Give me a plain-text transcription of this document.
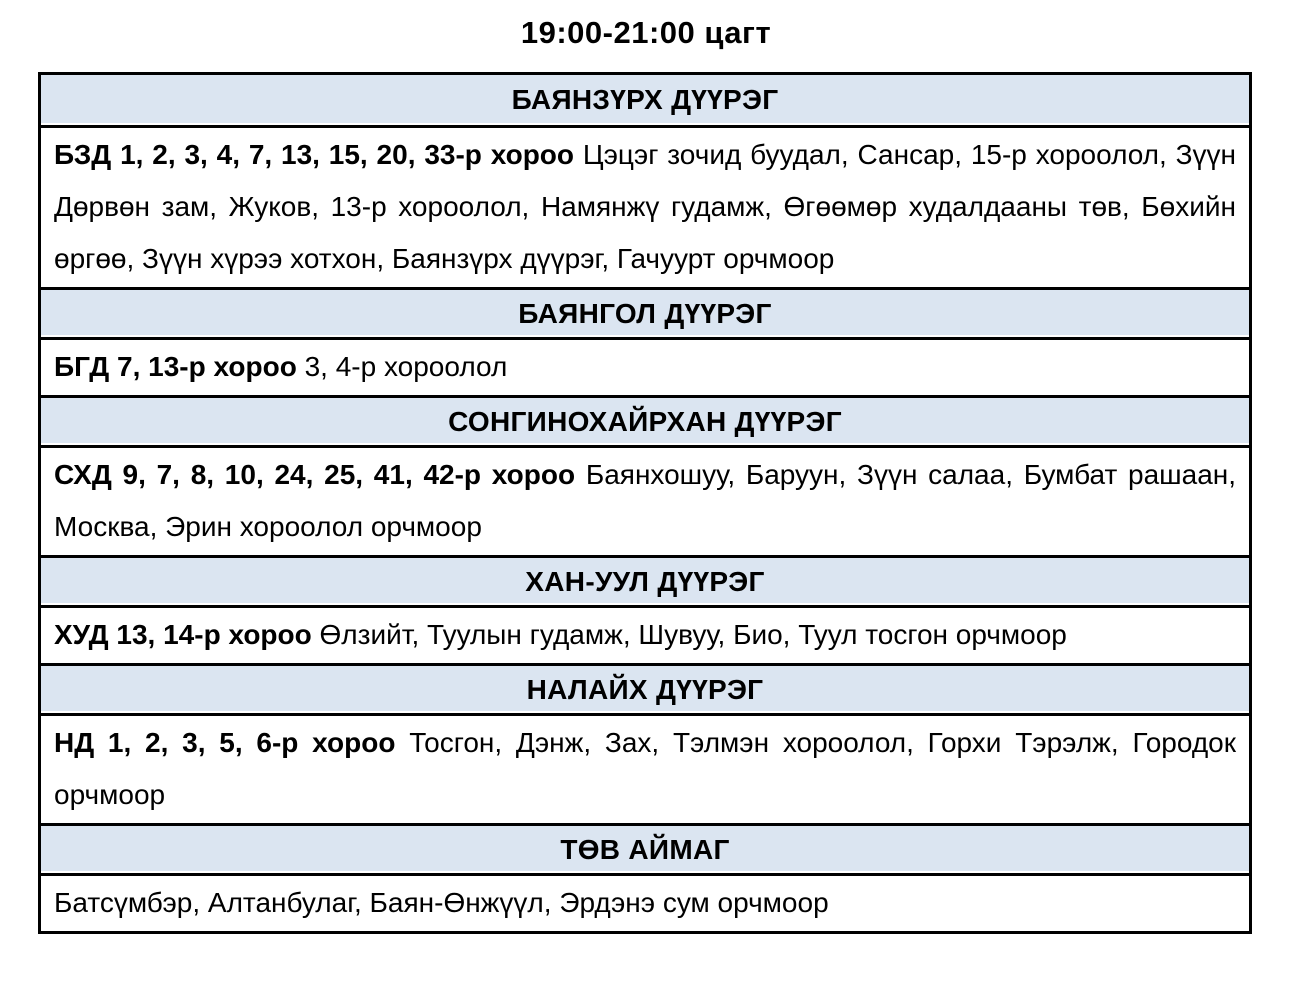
19:00-21:00 цагт
БАЯНЗҮРХ ДҮҮРЭГ
БЗД 1, 2, 3, 4, 7, 13, 15, 20, 33-р хороо Цэцэг зочид буудал, Сансар, 15-р хороолол, Зүүн Дөрвөн зам, Жуков, 13-р хороолол, Намянжү гудамж, Өгөөмөр худалдааны төв, Бөхийн өргөө, Зүүн хүрээ хотхон, Баянзүрх дүүрэг, Гачуурт орчмоор
БАЯНГОЛ ДҮҮРЭГ
БГД 7, 13-р хороо 3, 4-р хороолол
СОНГИНОХАЙРХАН ДҮҮРЭГ
СХД 9, 7, 8, 10, 24, 25, 41, 42-р хороо Баянхошуу, Баруун, Зүүн салаа, Бумбат рашаан, Москва, Эрин хороолол орчмоор
ХАН-УУЛ ДҮҮРЭГ
ХУД 13, 14-р хороо Өлзийт, Туулын гудамж, Шувуу, Био, Туул тосгон орчмоор
НАЛАЙХ ДҮҮРЭГ
НД 1, 2, 3, 5, 6-р хороо Тосгон, Дэнж, Зах, Тэлмэн хороолол, Горхи Тэрэлж, Городок орчмоор
ТӨВ АЙМАГ
Батсүмбэр, Алтанбулаг, Баян-Өнжүүл, Эрдэнэ сум орчмоор
